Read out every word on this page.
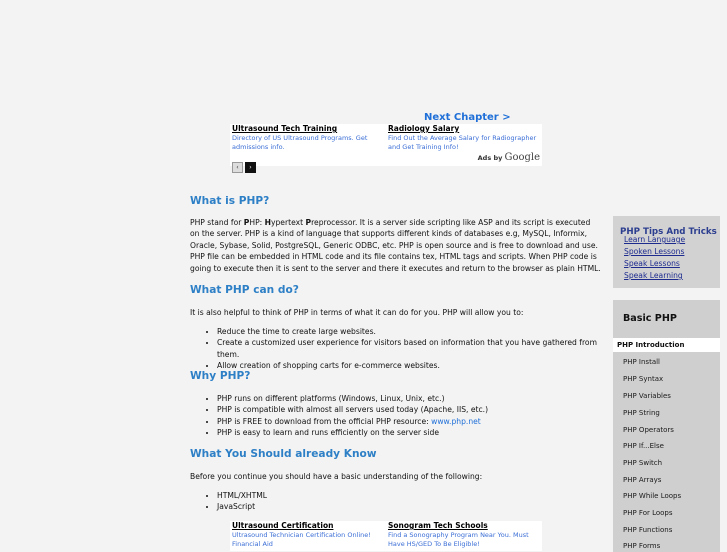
Next Chapter >
Ultrasound Tech Training
Directory of US Ultrasound Programs. Get admissions info.
Radiology Salary
Find Out the Average Salary for Radiographer and Get Training Info!
‹ ›
Ads by Google
What is PHP?

PHP stand for PHP: Hypertext Preprocessor. It is a server side scripting like ASP and its script is executed on the server. PHP is a kind of language that supports different kinds of databases e.g, MySQL, Informix, Oracle, Sybase, Solid, PostgreSQL, Generic ODBC, etc. PHP is open source and is free to download and use. PHP file can be embedded in HTML code and its file contains tex, HTML tags and scripts. When PHP code is going to execute then it is sent to the server and there it executes and return to the browser as plain HTML.

What PHP can do?

It is also helpful to think of PHP in terms of what it can do for you. PHP will allow you to:

• Reduce the time to create large websites.
• Create a customized user experience for visitors based on information that you have gathered from them.
• Allow creation of shopping carts for e-commerce websites.
Why PHP?
• PHP runs on different platforms (Windows, Linux, Unix, etc.)
• PHP is compatible with almost all servers used today (Apache, IIS, etc.)
• PHP is FREE to download from the official PHP resource: www.php.net
• PHP is easy to learn and runs efficiently on the server side
What You Should already Know

Before you continue you should have a basic understanding of the following:

• HTML/XHTML
• JavaScript
Ultrasound Certification
Ultrasound Technician Certification Online! Financial Aid
Sonogram Tech Schools
Find a Sonography Program Near You. Must Have HS/GED To Be Eligible!
PHP Tips And Tricks
Learn Language
Spoken Lessons
Speak Lessons
Speak Learning
Basic PHP
PHP Introduction
PHP Install
PHP Syntax
PHP Variables
PHP String
PHP Operators
PHP If...Else
PHP Switch
PHP Arrays
PHP While Loops
PHP For Loops
PHP Functions
PHP Forms
